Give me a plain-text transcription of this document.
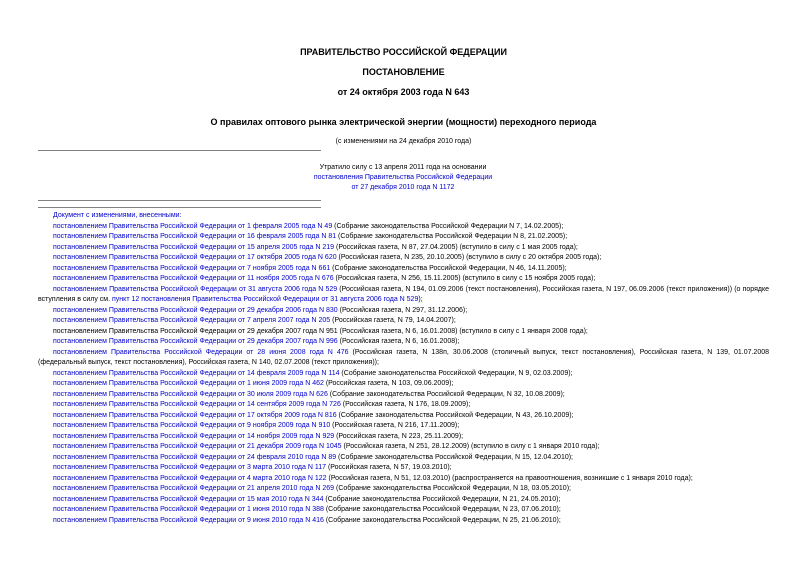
ПРАВИТЕЛЬСТВО РОССИЙСКОЙ ФЕДЕРАЦИИ
ПОСТАНОВЛЕНИЕ
от 24 октября 2003 года N 643
О правилах оптового рынка электрической энергии (мощности) переходного периода
(с изменениями на 24 декабря 2010 года)
Утратило силу с 13 апреля 2011 года на основании
постановления Правительства Российской Федерации
от 27 декабря 2010 года N 1172
Документ с изменениями, внесенными:
постановлением Правительства Российской Федерации от 1 февраля 2005 года N 49 (Собрание законодательства Российской Федерации N 7, 14.02.2005);
постановлением Правительства Российской Федерации от 16 февраля 2005 года N 81 (Собрание законодательства Российской Федерации N 8, 21.02.2005);
постановлением Правительства Российской Федерации от 15 апреля 2005 года N 219 (Российская газета, N 87, 27.04.2005) (вступило в силу с 1 мая 2005 года);
постановлением Правительства Российской Федерации от 17 октября 2005 года N 620 (Российская газета, N 235, 20.10.2005) (вступило в силу с 20 октября 2005 года);
постановлением Правительства Российской Федерации от 7 ноября 2005 года N 661 (Собрание законодательства Российской Федерации, N 46, 14.11.2005);
постановлением Правительства Российской Федерации от 11 ноября 2005 года N 676 (Российская газета, N 256, 15.11.2005) (вступило в силу с 15 ноября 2005 года);
постановлением Правительства Российской Федерации от 31 августа 2006 года N 529 (Российская газета, N 194, 01.09.2006 (текст постановления), Российская газета, N 197, 06.09.2006 (текст приложения)) (о порядке вступления в силу см. пункт 12 постановления Правительства Российской Федерации от 31 августа 2006 года N 529);
постановлением Правительства Российской Федерации от 29 декабря 2006 года N 830 (Российская газета, N 297, 31.12.2006);
постановлением Правительства Российской Федерации от 7 апреля 2007 года N 205 (Российская газета, N 79, 14.04.2007);
постановлением Правительства Российской Федерации от 29 декабря 2007 года N 951 (Российская газета, N 6, 16.01.2008) (вступило в силу с 1 января 2008 года);
постановлением Правительства Российской Федерации от 29 декабря 2007 года N 996 (Российская газета, N 6, 16.01.2008);
постановлением Правительства Российской Федерации от 28 июня 2008 года N 476 (Российская газета, N 138п, 30.06.2008 (столичный выпуск, текст постановления), Российская газета, N 139, 01.07.2008 (федеральный выпуск, текст постановления), Российская газета, N 140, 02.07.2008 (текст приложения));
постановлением Правительства Российской Федерации от 14 февраля 2009 года N 114 (Собрание законодательства Российской Федерации, N 9, 02.03.2009);
постановлением Правительства Российской Федерации от 1 июня 2009 года N 462 (Российская газета, N 103, 09.06.2009);
постановлением Правительства Российской Федерации от 30 июля 2009 года N 626 (Собрание законодательства Российской Федерации, N 32, 10.08.2009);
постановлением Правительства Российской Федерации от 14 сентября 2009 года N 726 (Российская газета, N 176, 18.09.2009);
постановлением Правительства Российской Федерации от 17 октября 2009 года N 816 (Собрание законодательства Российской Федерации, N 43, 26.10.2009);
постановлением Правительства Российской Федерации от 9 ноября 2009 года N 910 (Российская газета, N 216, 17.11.2009);
постановлением Правительства Российской Федерации от 14 ноября 2009 года N 929 (Российская газета, N 223, 25.11.2009);
постановлением Правительства Российской Федерации от 21 декабря 2009 года N 1045 (Российская газета, N 251, 28.12.2009) (вступило в силу с 1 января 2010 года);
постановлением Правительства Российской Федерации от 24 февраля 2010 года N 89 (Собрание законодательства Российской Федерации, N 15, 12.04.2010);
постановлением Правительства Российской Федерации от 3 марта 2010 года N 117 (Российская газета, N 57, 19.03.2010);
постановлением Правительства Российской Федерации от 4 марта 2010 года N 122 (Российская газета, N 51, 12.03.2010) (распространяется на правоотношения, возникшие с 1 января 2010 года);
постановлением Правительства Российской Федерации от 21 апреля 2010 года N 269 (Собрание законодательства Российской Федерации, N 18, 03.05.2010);
постановлением Правительства Российской Федерации от 15 мая 2010 года N 344 (Собрание законодательства Российской Федерации, N 21, 24.05.2010);
постановлением Правительства Российской Федерации от 1 июня 2010 года N 388 (Собрание законодательства Российской Федерации, N 23, 07.06.2010);
постановлением Правительства Российской Федерации от 9 июня 2010 года N 416 (Собрание законодательства Российской Федерации, N 25, 21.06.2010);
